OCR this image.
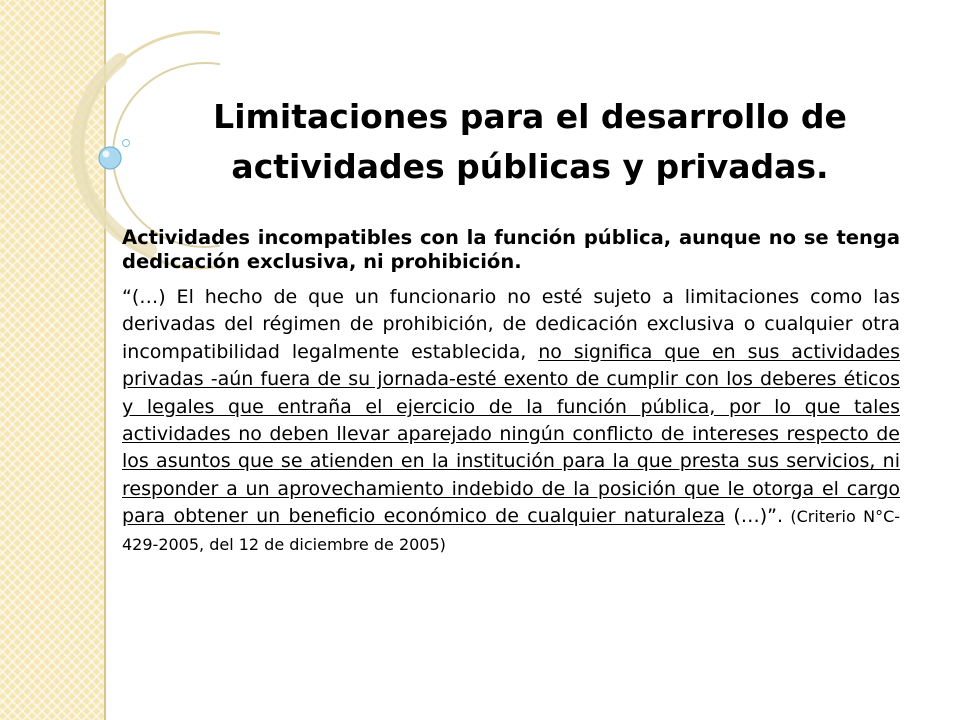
Limitaciones para el desarrollo de
actividades públicas y privadas.

Actividades incompatibles con la función pública, aunque no se tenga dedicación exclusiva, ni prohibición.

“(…) El hecho de que un funcionario no esté sujeto a limitaciones como las derivadas del régimen de prohibición, de dedicación exclusiva o cualquier otra incompatibilidad legalmente establecida, no significa que en sus actividades privadas -aún fuera de su jornada-esté exento de cumplir con los deberes éticos y legales que entraña el ejercicio de la función pública, por lo que tales actividades no deben llevar aparejado ningún conflicto de intereses respecto de los asuntos que se atienden en la institución para la que presta sus servicios, ni responder a un aprovechamiento indebido de la posición que le otorga el cargo para obtener un beneficio económico de cualquier naturaleza (…)”. (Criterio N°C-429-2005, del 12 de diciembre de 2005)
